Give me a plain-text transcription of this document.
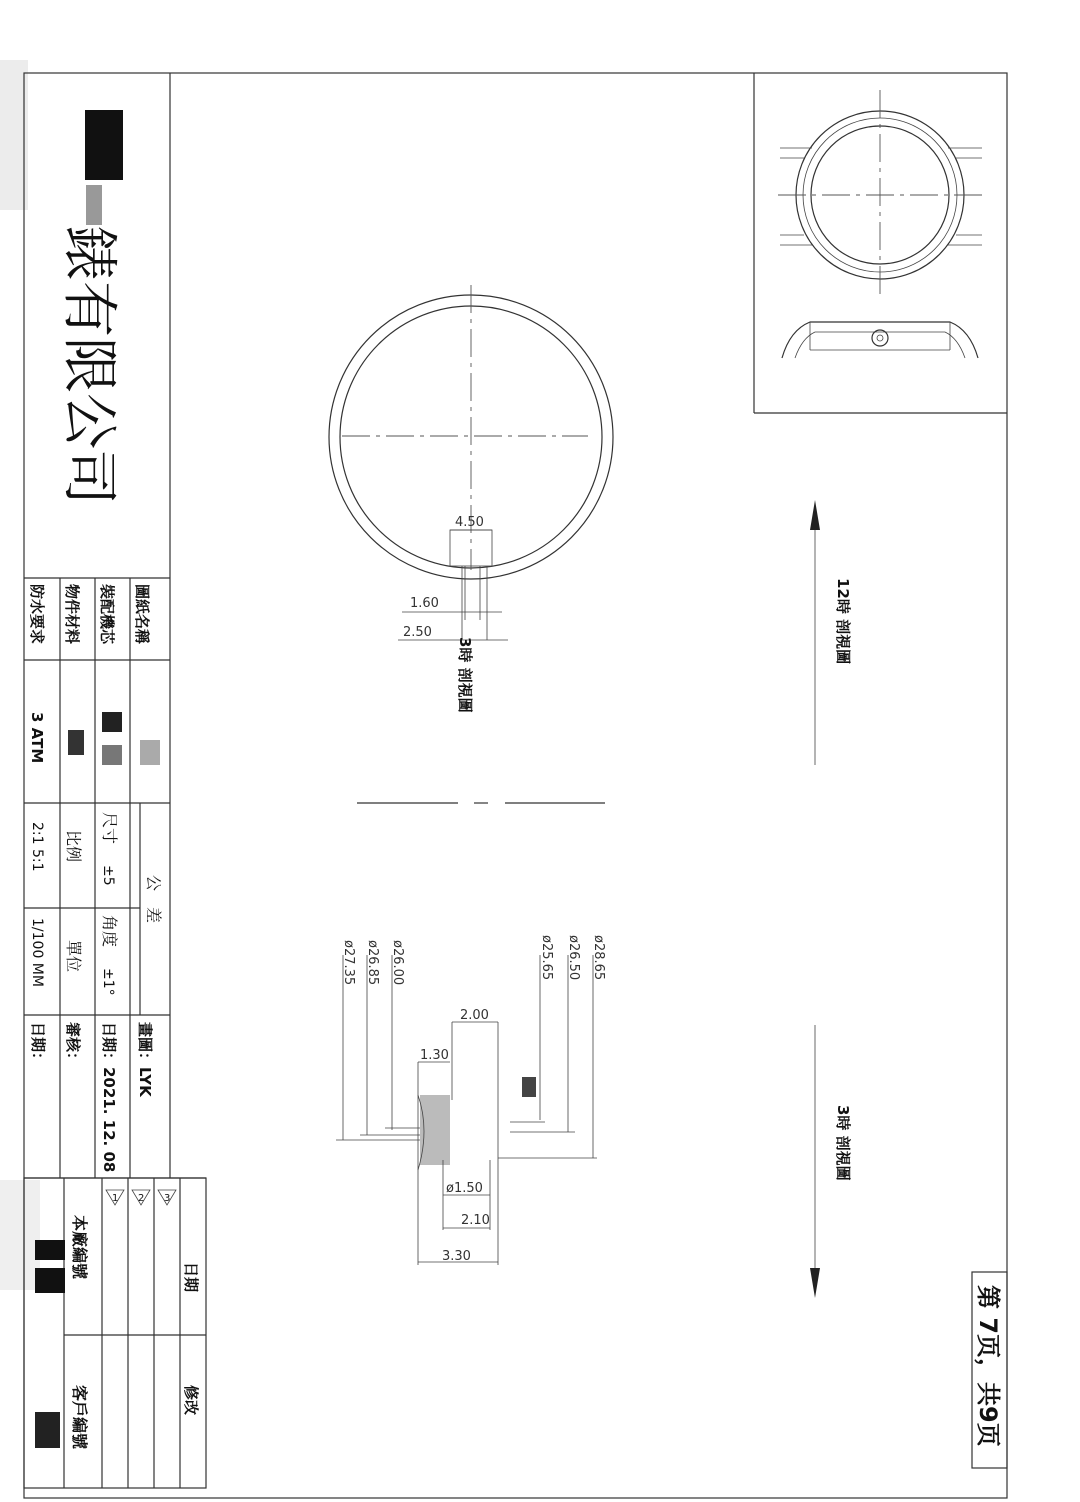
錶有限公司
圖紙名稱
裝配機芯
物件材料
防水要求
3 ATM
公　差
尺寸
±5
角度
±1°
比例
2:1 5:1
單位
1/100 MM
畫圖：LYK
日期：2021. 12. 08
審核：
日期：
本廠編號
客戶編號
日期
修改
1 2 3
4.50
1.60
2.50
3時 剖視圖
2.00
1.30
ø1.50
2.10
3.30
ø26.00
ø26.85
ø27.35	ø25.65 ø26.50 ø28.65
12時 剖視圖
3時 剖視圖
第 7页，共9页
